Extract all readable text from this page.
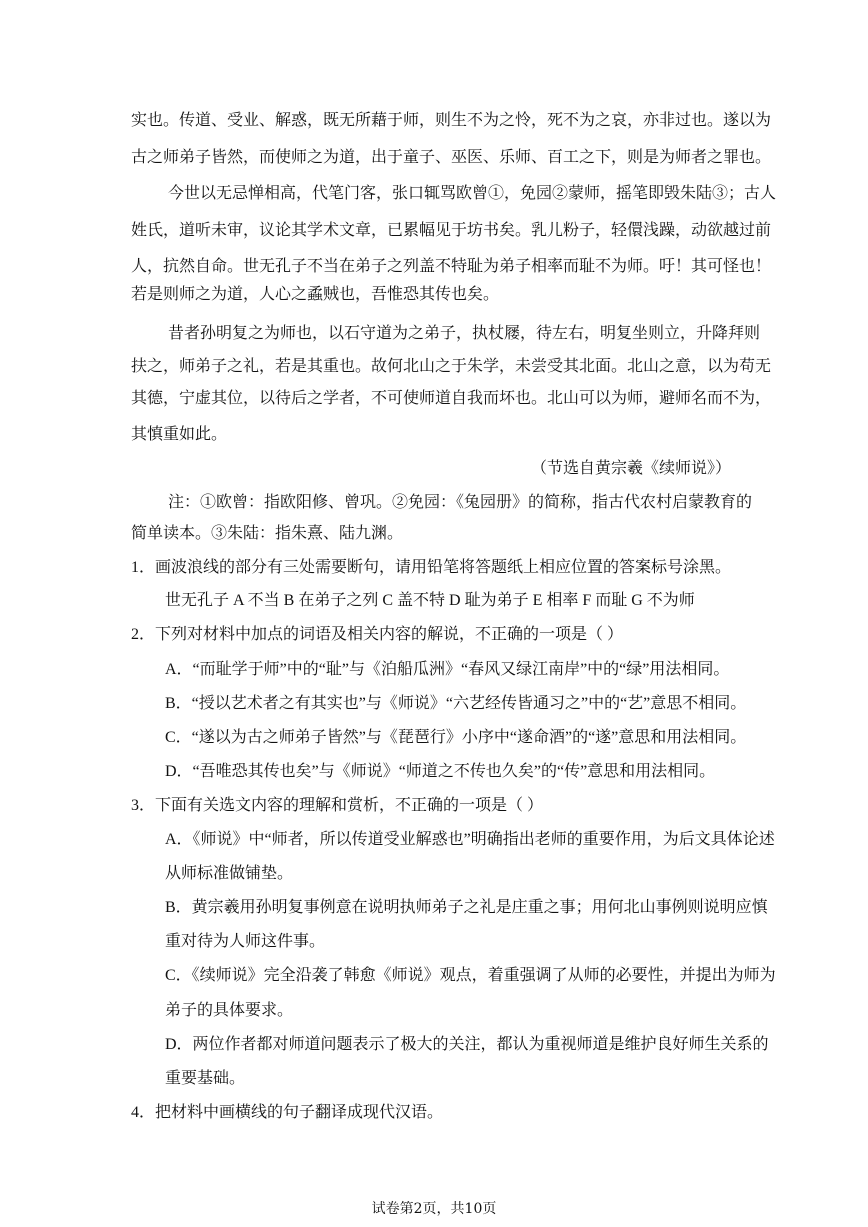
实也。传道、受业、解惑，既无所藉于师，则生不为之怜，死不为之哀，亦非过也。遂以为
古之师弟子皆然，而使师之为道，出于童子、巫医、乐师、百工之下，则是为师者之罪也。
今世以无忌惮相高，代笔门客，张口辄骂欧曾①，免园②蒙师，摇笔即毁朱陆③；古人
姓氏，道听未审，议论其学术文章，已累幅见于坊书矣。乳儿粉子，轻儇浅躁，动欲越过前
人，抗然自命。世无孔子不当在弟子之列盖不特耻为弟子相率而耻不为师。吁！其可怪也！
若是则师之为道，人心之蟊贼也，吾惟恐其传也矣。
昔者孙明复之为师也，以石守道为之弟子，执杖屦，待左右，明复坐则立，升降拜则
扶之，师弟子之礼，若是其重也。故何北山之于朱学，未尝受其北面。北山之意，以为苟无
其德，宁虚其位，以待后之学者，不可使师道自我而坏也。北山可以为师，避师名而不为，
其慎重如此。
（节选自黄宗羲《续师说》）
注：①欧曾：指欧阳修、曾巩。②免园：《兔园册》的简称，指古代农村启蒙教育的
简单读本。③朱陆：指朱熹、陆九渊。
1．画波浪线的部分有三处需要断句，请用铅笔将答题纸上相应位置的答案标号涂黑。
世无孔子 A 不当 B 在弟子之列 C 盖不特 D 耻为弟子 E 相率 F 而耻 G 不为师
2．下列对材料中加点的词语及相关内容的解说，不正确的一项是（ ）
A．“而耻学于师”中的“耻”与《泊船瓜洲》“春风又绿江南岸”中的“绿”用法相同。
B．“授以艺术者之有其实也”与《师说》“六艺经传皆通习之”中的“艺”意思不相同。
C．“遂以为古之师弟子皆然”与《琵琶行》小序中“遂命酒”的“遂”意思和用法相同。
D．“吾唯恐其传也矣”与《师说》“师道之不传也久矣”的“传”意思和用法相同。
3．下面有关选文内容的理解和赏析，不正确的一项是（ ）
A．《师说》中“师者，所以传道受业解惑也”明确指出老师的重要作用，为后文具体论述
从师标准做铺垫。
B．黄宗羲用孙明复事例意在说明执师弟子之礼是庄重之事；用何北山事例则说明应慎
重对待为人师这件事。
C．《续师说》完全沿袭了韩愈《师说》观点，着重强调了从师的必要性，并提出为师为
弟子的具体要求。
D．两位作者都对师道问题表示了极大的关注，都认为重视师道是维护良好师生关系的
重要基础。
4．把材料中画横线的句子翻译成现代汉语。
试卷第2页，共10页
